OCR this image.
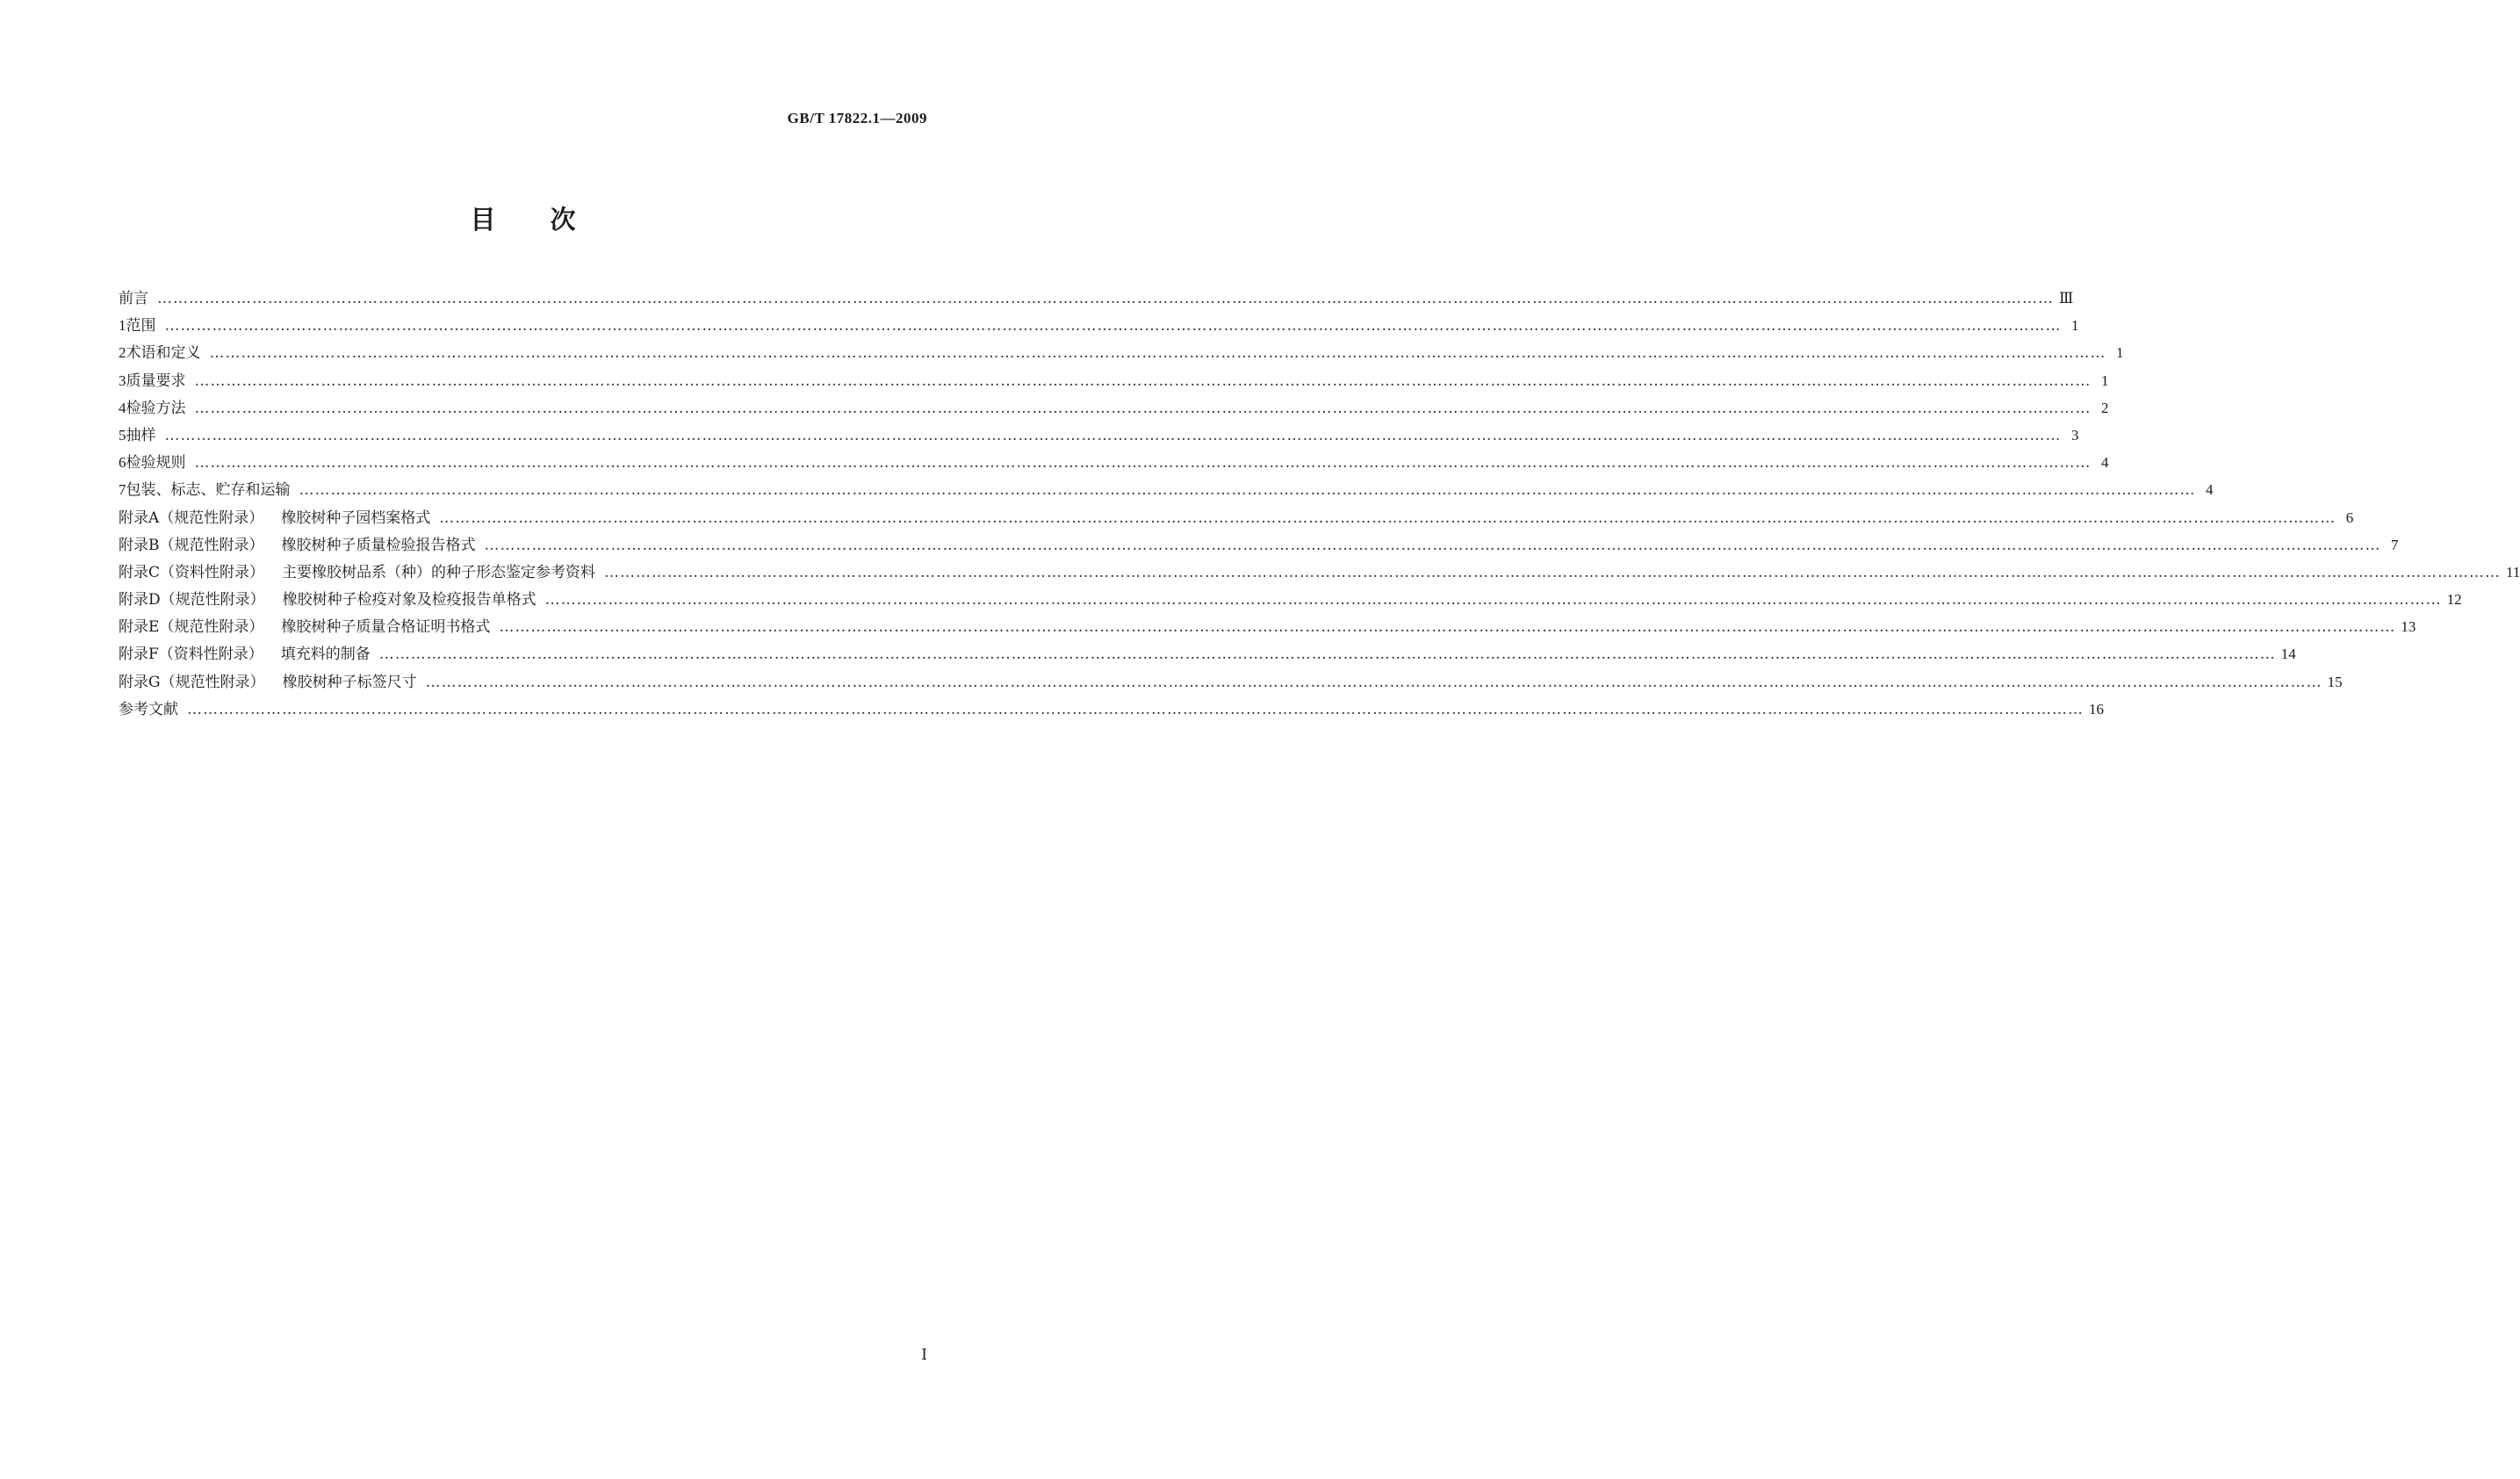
GB/T 17822.1—2009
目次
前言 ……………………………………………………………………………………………………………………………………………………………………………………………………………………………………………………………………………………………………………………………… Ⅲ
1 范围 ……………………………………………………………………………………………………………………………………………………………………………………………………………………………………………………………………………………………………………………………… 1
2 术语和定义 ……………………………………………………………………………………………………………………………………………………………………………………………………………………………………………………………………………………………………………………………… 1
3 质量要求 ……………………………………………………………………………………………………………………………………………………………………………………………………………………………………………………………………………………………………………………………… 1
4 检验方法 ……………………………………………………………………………………………………………………………………………………………………………………………………………………………………………………………………………………………………………………………… 2
5 抽样 ……………………………………………………………………………………………………………………………………………………………………………………………………………………………………………………………………………………………………………………………… 3
6 检验规则 ……………………………………………………………………………………………………………………………………………………………………………………………………………………………………………………………………………………………………………………………… 4
7 包装、标志、贮存和运输 ……………………………………………………………………………………………………………………………………………………………………………………………………………………………………………………………………………………………………………………………… 4
附录A（规范性附录）	橡胶树种子园档案格式 ……………………………………………………………………………………………………………………………………………………………………………………………………………………………………………………………………………………………………………………………… 6
附录B（规范性附录）	橡胶树种子质量检验报告格式 ……………………………………………………………………………………………………………………………………………………………………………………………………………………………………………………………………………………………………………………………… 7
附录C（资料性附录）	主要橡胶树品系（种）的种子形态鉴定参考资料 ……………………………………………………………………………………………………………………………………………………………………………………………………………………………………………………………………………………………………………………………… 11
附录D（规范性附录）	橡胶树种子检疫对象及检疫报告单格式 ……………………………………………………………………………………………………………………………………………………………………………………………………………………………………………………………………………………………………………………………… 12
附录E（规范性附录）	橡胶树种子质量合格证明书格式 ……………………………………………………………………………………………………………………………………………………………………………………………………………………………………………………………………………………………………………………………… 13
附录F（资料性附录）	填充料的制备 ……………………………………………………………………………………………………………………………………………………………………………………………………………………………………………………………………………………………………………………………… 14
附录G（规范性附录）	橡胶树种子标签尺寸 ……………………………………………………………………………………………………………………………………………………………………………………………………………………………………………………………………………………………………………………………… 15
参考文献 ……………………………………………………………………………………………………………………………………………………………………………………………………………………………………………………………………………………………………………………………… 16
Ⅰ
